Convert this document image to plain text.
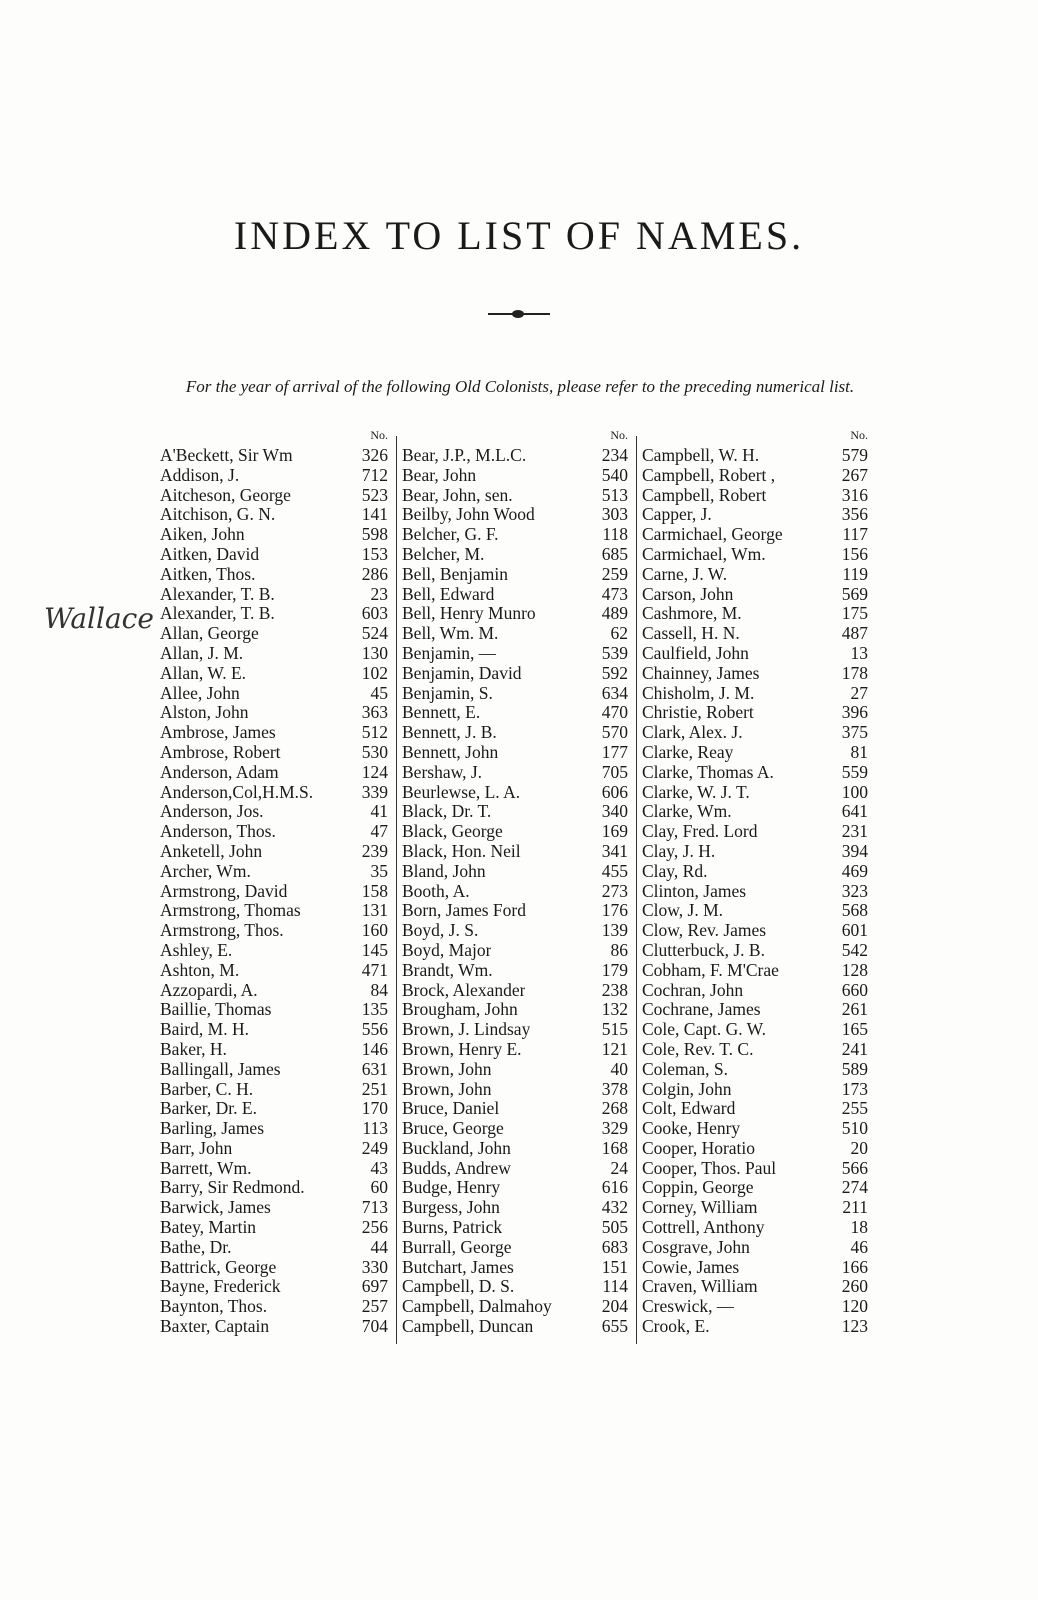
INDEX TO LIST OF NAMES.
For the year of arrival of the following Old Colonists, please refer to the preceding numerical list.
Wallace
No.
A'Beckett, Sir Wm	326
Addison, J.	712
Aitcheson, George	523
Aitchison, G. N.	141
Aiken, John	598
Aitken, David	153
Aitken, Thos.	286
Alexander, T. B.	23
Alexander, T. B.	603
Allan, George	524
Allan, J. M.	130
Allan, W. E.	102
Allee, John	45
Alston, John	363
Ambrose, James	512
Ambrose, Robert	530
Anderson, Adam	124
Anderson,Col,H.M.S.	339
Anderson, Jos.	41
Anderson, Thos.	47
Anketell, John	239
Archer, Wm.	35
Armstrong, David	158
Armstrong, Thomas	131
Armstrong, Thos.	160
Ashley, E.	145
Ashton, M.	471
Azzopardi, A.	84
Baillie, Thomas	135
Baird, M. H.	556
Baker, H.	146
Ballingall, James	631
Barber, C. H.	251
Barker, Dr. E.	170
Barling, James	113
Barr, John	249
Barrett, Wm.	43
Barry, Sir Redmond.	60
Barwick, James	713
Batey, Martin	256
Bathe, Dr.	44
Battrick, George	330
Bayne, Frederick	697
Baynton, Thos.	257
Baxter, Captain	704
No.
Bear, J.P., M.L.C.	234
Bear, John	540
Bear, John, sen.	513
Beilby, John Wood	303
Belcher, G. F.	118
Belcher, M.	685
Bell, Benjamin	259
Bell, Edward	473
Bell, Henry Munro	489
Bell, Wm. M.	62
Benjamin, —	539
Benjamin, David	592
Benjamin, S.	634
Bennett, E.	470
Bennett, J. B.	570
Bennett, John	177
Bershaw, J.	705
Beurlewse, L. A.	606
Black, Dr. T.	340
Black, George	169
Black, Hon. Neil	341
Bland, John	455
Booth, A.	273
Born, James Ford	176
Boyd, J. S.	139
Boyd, Major	86
Brandt, Wm.	179
Brock, Alexander	238
Brougham, John	132
Brown, J. Lindsay	515
Brown, Henry E.	121
Brown, John	40
Brown, John	378
Bruce, Daniel	268
Bruce, George	329
Buckland, John	168
Budds, Andrew	24
Budge, Henry	616
Burgess, John	432
Burns, Patrick	505
Burrall, George	683
Butchart, James	151
Campbell, D. S.	114
Campbell, Dalmahoy	204
Campbell, Duncan	655
No.
Campbell, W. H.	579
Campbell, Robert ,	267
Campbell, Robert	316
Capper, J.	356
Carmichael, George	117
Carmichael, Wm.	156
Carne, J. W.	119
Carson, John	569
Cashmore, M.	175
Cassell, H. N.	487
Caulfield, John	13
Chainney, James	178
Chisholm, J. M.	27
Christie, Robert	396
Clark, Alex. J.	375
Clarke, Reay	81
Clarke, Thomas A.	559
Clarke, W. J. T.	100
Clarke, Wm.	641
Clay, Fred. Lord	231
Clay, J. H.	394
Clay, Rd.	469
Clinton, James	323
Clow, J. M.	568
Clow, Rev. James	601
Clutterbuck, J. B.	542
Cobham, F. M'Crae	128
Cochran, John	660
Cochrane, James	261
Cole, Capt. G. W.	165
Cole, Rev. T. C.	241
Coleman, S.	589
Colgin, John	173
Colt, Edward	255
Cooke, Henry	510
Cooper, Horatio	20
Cooper, Thos. Paul	566
Coppin, George	274
Corney, William	211
Cottrell, Anthony	18
Cosgrave, John	46
Cowie, James	166
Craven, William	260
Creswick, —	120
Crook, E.	123
